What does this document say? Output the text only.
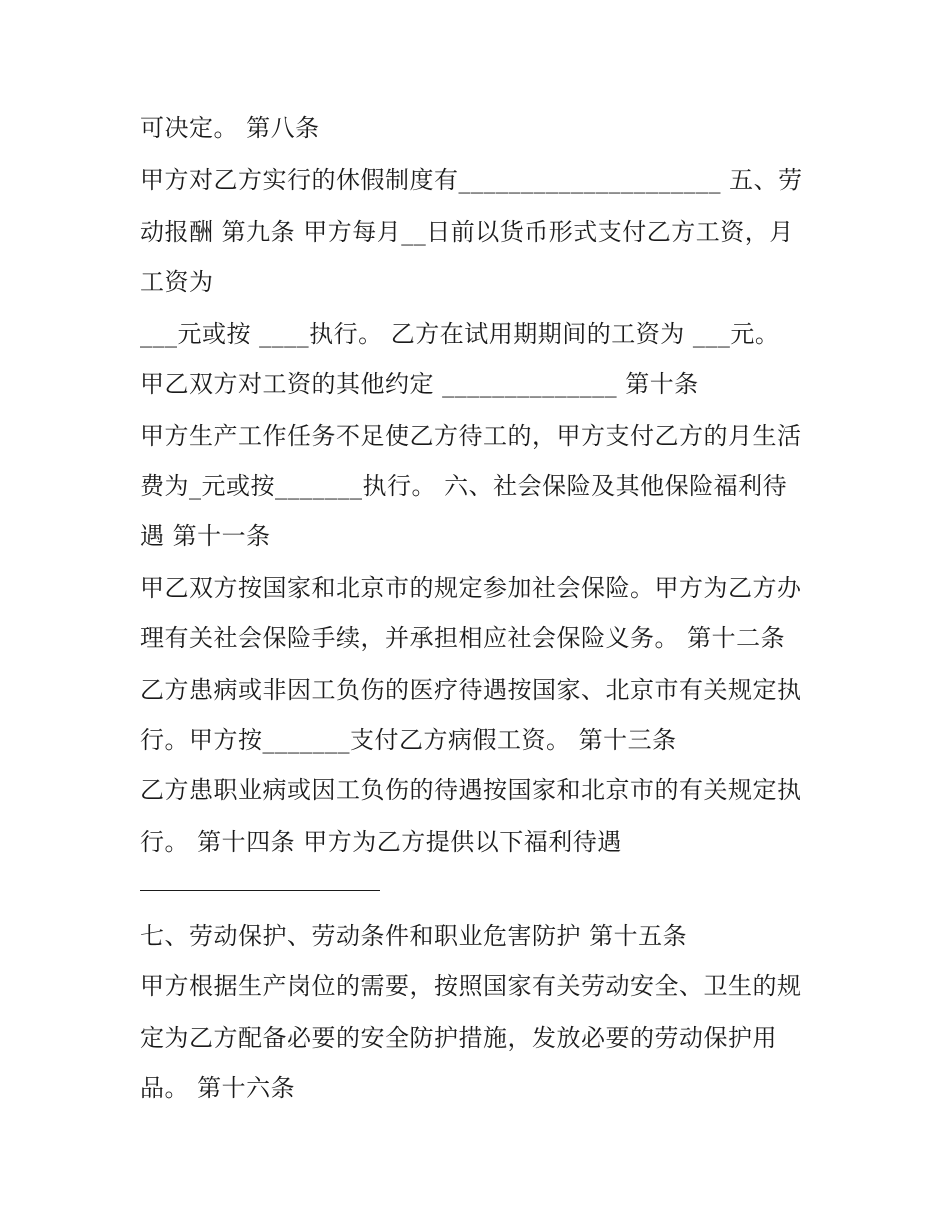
可决定。 第八条
甲方对乙方实行的休假制度有_____________________ 五、劳
动报酬 第九条 甲方每月__日前以货币形式支付乙方工资，月
工资为
___元或按 ____执行。 乙方在试用期期间的工资为 ___元。
甲乙双方对工资的其他约定 ______________ 第十条
甲方生产工作任务不足使乙方待工的，甲方支付乙方的月生活
费为_元或按_______执行。 六、社会保险及其他保险福利待
遇 第十一条
甲乙双方按国家和北京市的规定参加社会保险。甲方为乙方办
理有关社会保险手续，并承担相应社会保险义务。 第十二条
乙方患病或非因工负伤的医疗待遇按国家、北京市有关规定执
行。甲方按_______支付乙方病假工资。 第十三条
乙方患职业病或因工负伤的待遇按国家和北京市的有关规定执
行。 第十四条 甲方为乙方提供以下福利待遇
七、劳动保护、劳动条件和职业危害防护 第十五条
甲方根据生产岗位的需要，按照国家有关劳动安全、卫生的规
定为乙方配备必要的安全防护措施，发放必要的劳动保护用
品。 第十六条
